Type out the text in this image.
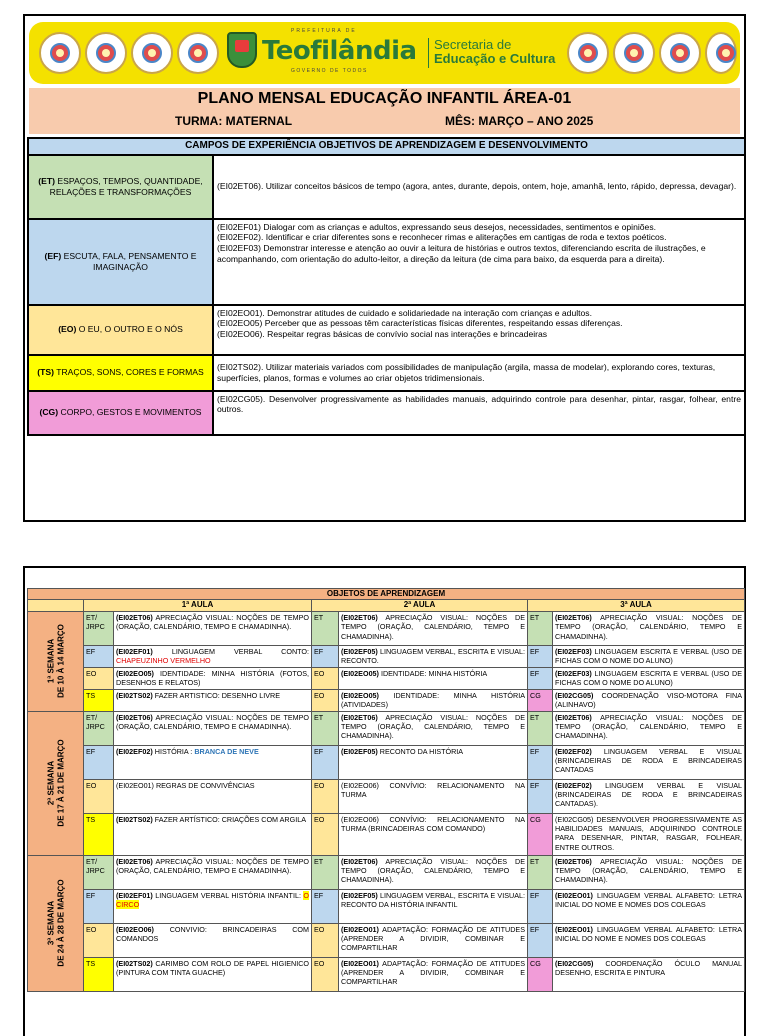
PREFEITURA DE
Teofilândia
GOVERNO DE TODOS
Secretaria de
Educação e Cultura
PLANO MENSAL EDUCAÇÃO INFANTIL ÁREA-01
TURMA: MATERNAL	MÊS: MARÇO – ANO 2025
CAMPOS DE EXPERIÊNCIA OBJETIVOS DE APRENDIZAGEM E DESENVOLVIMENTO	
(ET) ESPAÇOS, TEMPOS, QUANTIDADE, RELAÇÕES E TRANSFORMAÇÕES	(EI02ET06). Utilizar conceitos básicos de tempo (agora, antes, durante, depois, ontem, hoje, amanhã, lento, rápido, depressa, devagar).

(EF) ESCUTA, FALA, PENSAMENTO E IMAGINAÇÃO	(EI02EF01) Dialogar com as crianças e adultos, expressando seus desejos, necessidades, sentimentos e opiniões.
(EI02EF02). Identificar e criar diferentes sons e reconhecer rimas e aliterações em cantigas de roda e textos poéticos.
(EI02EF03) Demonstrar interesse e atenção ao ouvir a leitura de histórias e outros textos, diferenciando escrita de ilustrações, e acompanhando, com orientação do adulto-leitor, a direção da leitura (de cima para baixo, da esquerda para a direita).

(EO) O EU, O OUTRO E O NÓS	(EI02EO01). Demonstrar atitudes de cuidado e solidariedade na interação com crianças e adultos.
(EI02EO05) Perceber que as pessoas têm características físicas diferentes, respeitando essas diferenças.
(EI02EO06). Respeitar regras básicas de convívio social nas interações e brincadeiras

(TS) TRAÇOS, SONS, CORES E FORMAS	(EI02TS02). Utilizar materiais variados com possibilidades de manipulação (argila, massa de modelar), explorando cores, texturas, superfícies, planos, formas e volumes ao criar objetos tridimensionais.

(CG) CORPO, GESTOS E MOVIMENTOS	(EI02CG05). Desenvolver progressivamente as habilidades manuais, adquirindo controle para desenhar, pintar, rasgar, folhear, entre outros.
OBJETOS DE APRENDIZAGEM						
	1ª AULA		2ª AULA		3ª AULA	

1ª SEMANA DE 10 À 14 MARÇO	ET/ JRPC	(EI02ET06) APRECIAÇÃO VISUAL: NOÇÕES DE TEMPO (ORAÇÃO, CALENDÁRIO, TEMPO E CHAMADINHA).	ET	(EI02ET06) APRECIAÇÃO VISUAL: NOÇÕES DE TEMPO (ORAÇÃO, CALENDÁRIO, TEMPO E CHAMADINHA).	ET	(EI02ET06) APRECIAÇÃO VISUAL: NOÇÕES DE TEMPO (ORAÇÃO, CALENDÁRIO, TEMPO E CHAMADINHA).
	EF	(EI02EF01) LINGUAGEM VERBAL CONTO: CHAPEUZINHO VERMELHO	EF	(EI02EF05) LINGUAGEM VERBAL, ESCRITA E VISUAL: RECONTO.	EF	(EI02EF03) LINGUAGEM ESCRITA E VERBAL (USO DE FICHAS COM O NOME DO ALUNO)
	EO	(EI02EO05) IDENTIDADE: MINHA HISTÓRIA (FOTOS, DESENHOS E RELATOS)	EO	(EI02EO05) IDENTIDADE: MINHA HISTÓRIA	EF	(EI02EF03) LINGUAGEM ESCRITA E VERBAL (USO DE FICHAS COM O NOME DO ALUNO)
	TS	(EI02TS02) FAZER ARTISTICO: DESENHO LIVRE	EO	(EI02EO05) IDENTIDADE: MINHA HISTÓRIA (ATIVIDADES)	CG	(EI02CG05) COORDENAÇÃO VISO-MOTORA FINA (ALINHAVO)

2ª SEMANA DE 17 À 21 DE MARÇO	ET/ JRPC	(EI02ET06) APRECIAÇÃO VISUAL: NOÇÕES DE TEMPO (ORAÇÃO, CALENDÁRIO, TEMPO E CHAMADINHA).	ET	(EI02ET06) APRECIAÇÃO VISUAL: NOÇÕES DE TEMPO (ORAÇÃO, CALENDÁRIO, TEMPO E CHAMADINHA).	ET	(EI02ET06) APRECIAÇÃO VISUAL: NOÇÕES DE TEMPO (ORAÇÃO, CALENDÁRIO, TEMPO E CHAMADINHA).
	EF	(EI02EF02) HISTÓRIA : BRANCA DE NEVE	EF	(EI02EF05) RECONTO DA HISTÓRIA	EF	(EI02EF02) LINGUAGEM VERBAL E VISUAL (BRINCADEIRAS DE RODA E BRINCADEIRAS CANTADAS
	EO	(EI02EO01) REGRAS DE CONVIVÊNCIAS	EO	(EI02EO06) CONVÍVIO: RELACIONAMENTO NA TURMA	EF	(EI02EF02) LINGUGEM VERBAL E VISUAL (BRINCADEIRAS DE RODA E BRINCADEIRAS CANTADAS).
	TS	(EI02TS02) FAZER ARTÍSTICO: CRIAÇÕES COM ARGILA	EO	(EI02EO06) CONVÍVIO: RELACIONAMENTO NA TURMA (BRINCADEIRAS COM COMANDO)	CG	(EI02CG05) DESENVOLVER PROGRESSIVAMENTE AS HABILIDADES MANUAIS, ADQUIRINDO CONTROLE PARA DESENHAR, PINTAR, RASGAR, FOLHEAR, ENTRE OUTROS.

3ª SEMANA DE 24 À 28 DE MARÇO	ET/ JRPC	(EI02ET06) APRECIAÇÃO VISUAL: NOÇÕES DE TEMPO (ORAÇÃO, CALENDÁRIO, TEMPO E CHAMADINHA).	ET	(EI02ET06) APRECIAÇÃO VISUAL: NOÇÕES DE TEMPO (ORAÇÃO, CALENDÁRIO, TEMPO E CHAMADINHA).	ET	(EI02ET06) APRECIAÇÃO VISUAL: NOÇÕES DE TEMPO (ORAÇÃO, CALENDÁRIO, TEMPO E CHAMADINHA).
	EF	(EI02EF01) LINGUAGEM VERBAL HISTÓRIA INFANTIL: O CIRCO	EF	(EI02EF05) LINGUAGEM VERBAL, ESCRITA E VISUAL: RECONTO DA HISTÓRIA INFANTIL	EF	(EI02EO01) LINGUAGEM VERBAL ALFABETO: LETRA INICIAL DO NOME E NOMES DOS COLEGAS
	EO	(EI02EO06) CONVIVIO: BRINCADEIRAS COM COMANDOS	EO	(EI02EO01) ADAPTAÇÃO: FORMAÇÃO DE ATITUDES (APRENDER A DIVIDIR, COMBINAR E COMPARTILHAR	EF	(EI02EO01) LINGUAGEM VERBAL ALFABETO: LETRA INICIAL DO NOME E NOMES DOS COLEGAS
	TS	(EI02TS02) CARIMBO COM ROLO DE PAPEL HIGIENICO (PINTURA COM TINTA GUACHE)	EO	(EI02EO01) ADAPTAÇÃO: FORMAÇÃO DE ATITUDES (APRENDER A DIVIDIR, COMBINAR E COMPARTILHAR	CG	(EI02CG05) COORDENAÇÃO ÓCULO MANUAL DESENHO, ESCRITA E PINTURA
